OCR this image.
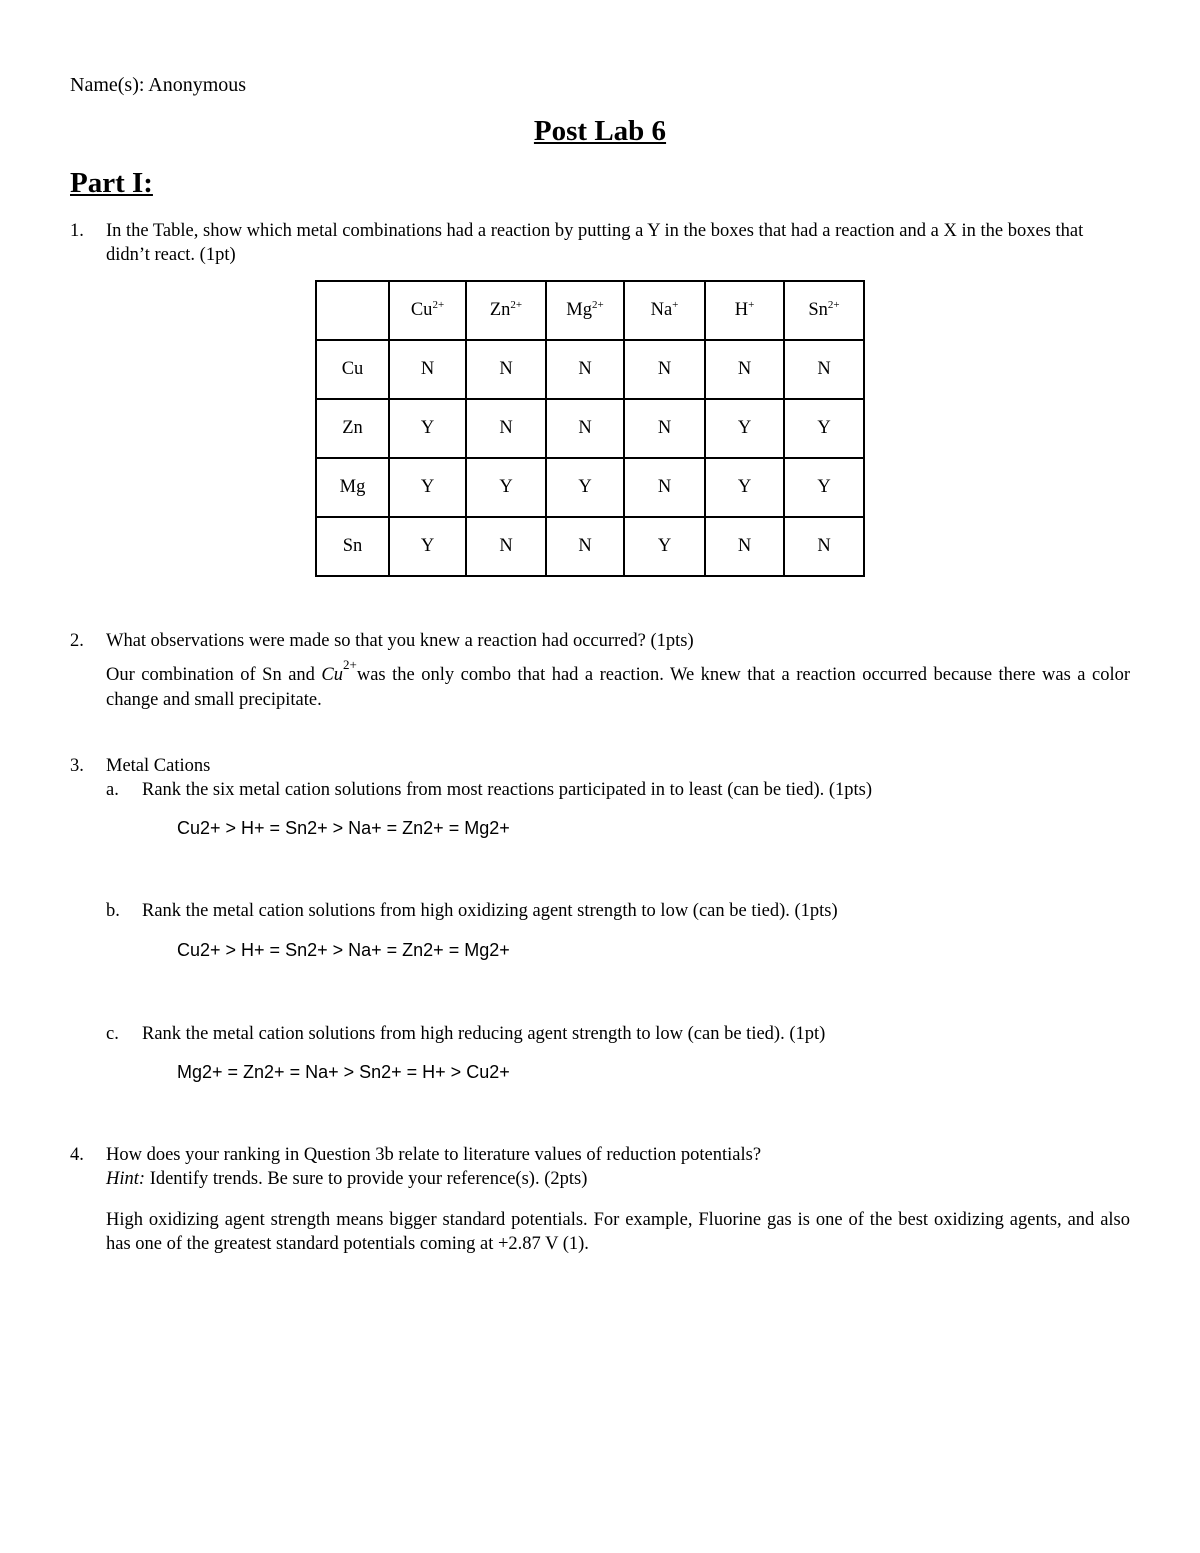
Name(s): Anonymous
Post Lab 6
Part I:
1. In the Table, show which metal combinations had a reaction by putting a Y in the boxes that had a reaction and a X in the boxes that didn’t react. (1pt)
	$Cu^{2+}$	$Zn^{2+}$	$Mg^{2+}$	Na+	H+	$Sn^{2+}$
Cu	N	N	N	N	N	N
Zn	Y	N	N	N	Y	Y
Mg	Y	Y	Y	N	Y	Y
Sn	Y	N	N	Y	N	N
2. What observations were made so that you knew a reaction had occurred? (1pts)
Our combination of Sn and $Cu^{2+}was$ the only combo that had a reaction. We knew that a reaction occurred because there was a color change and small precipitate.
3. Metal Cations
a. Rank the six metal cation solutions from most reactions participated in to least (can be tied). (1pts)
Cu2+ > H+ = Sn2+ > Na+ = Zn2+ = Mg2+
b. Rank the metal cation solutions from high oxidizing agent strength to low (can be tied). (1pts)
Cu2+ > H+ = Sn2+ > Na+ = Zn2+ = Mg2+
c. Rank the metal cation solutions from high reducing agent strength to low (can be tied). (1pt)
Mg2+ = Zn2+ = Na+ > Sn2+ = H+ > Cu2+
4. How does your ranking in Question 3b relate to literature values of reduction potentials?
Hint: Identify trends. Be sure to provide your reference(s). (2pts)
High oxidizing agent strength means bigger standard potentials. For example, Fluorine gas is one of the best oxidizing agents, and also has one of the greatest standard potentials coming at +2.87 V (1).
